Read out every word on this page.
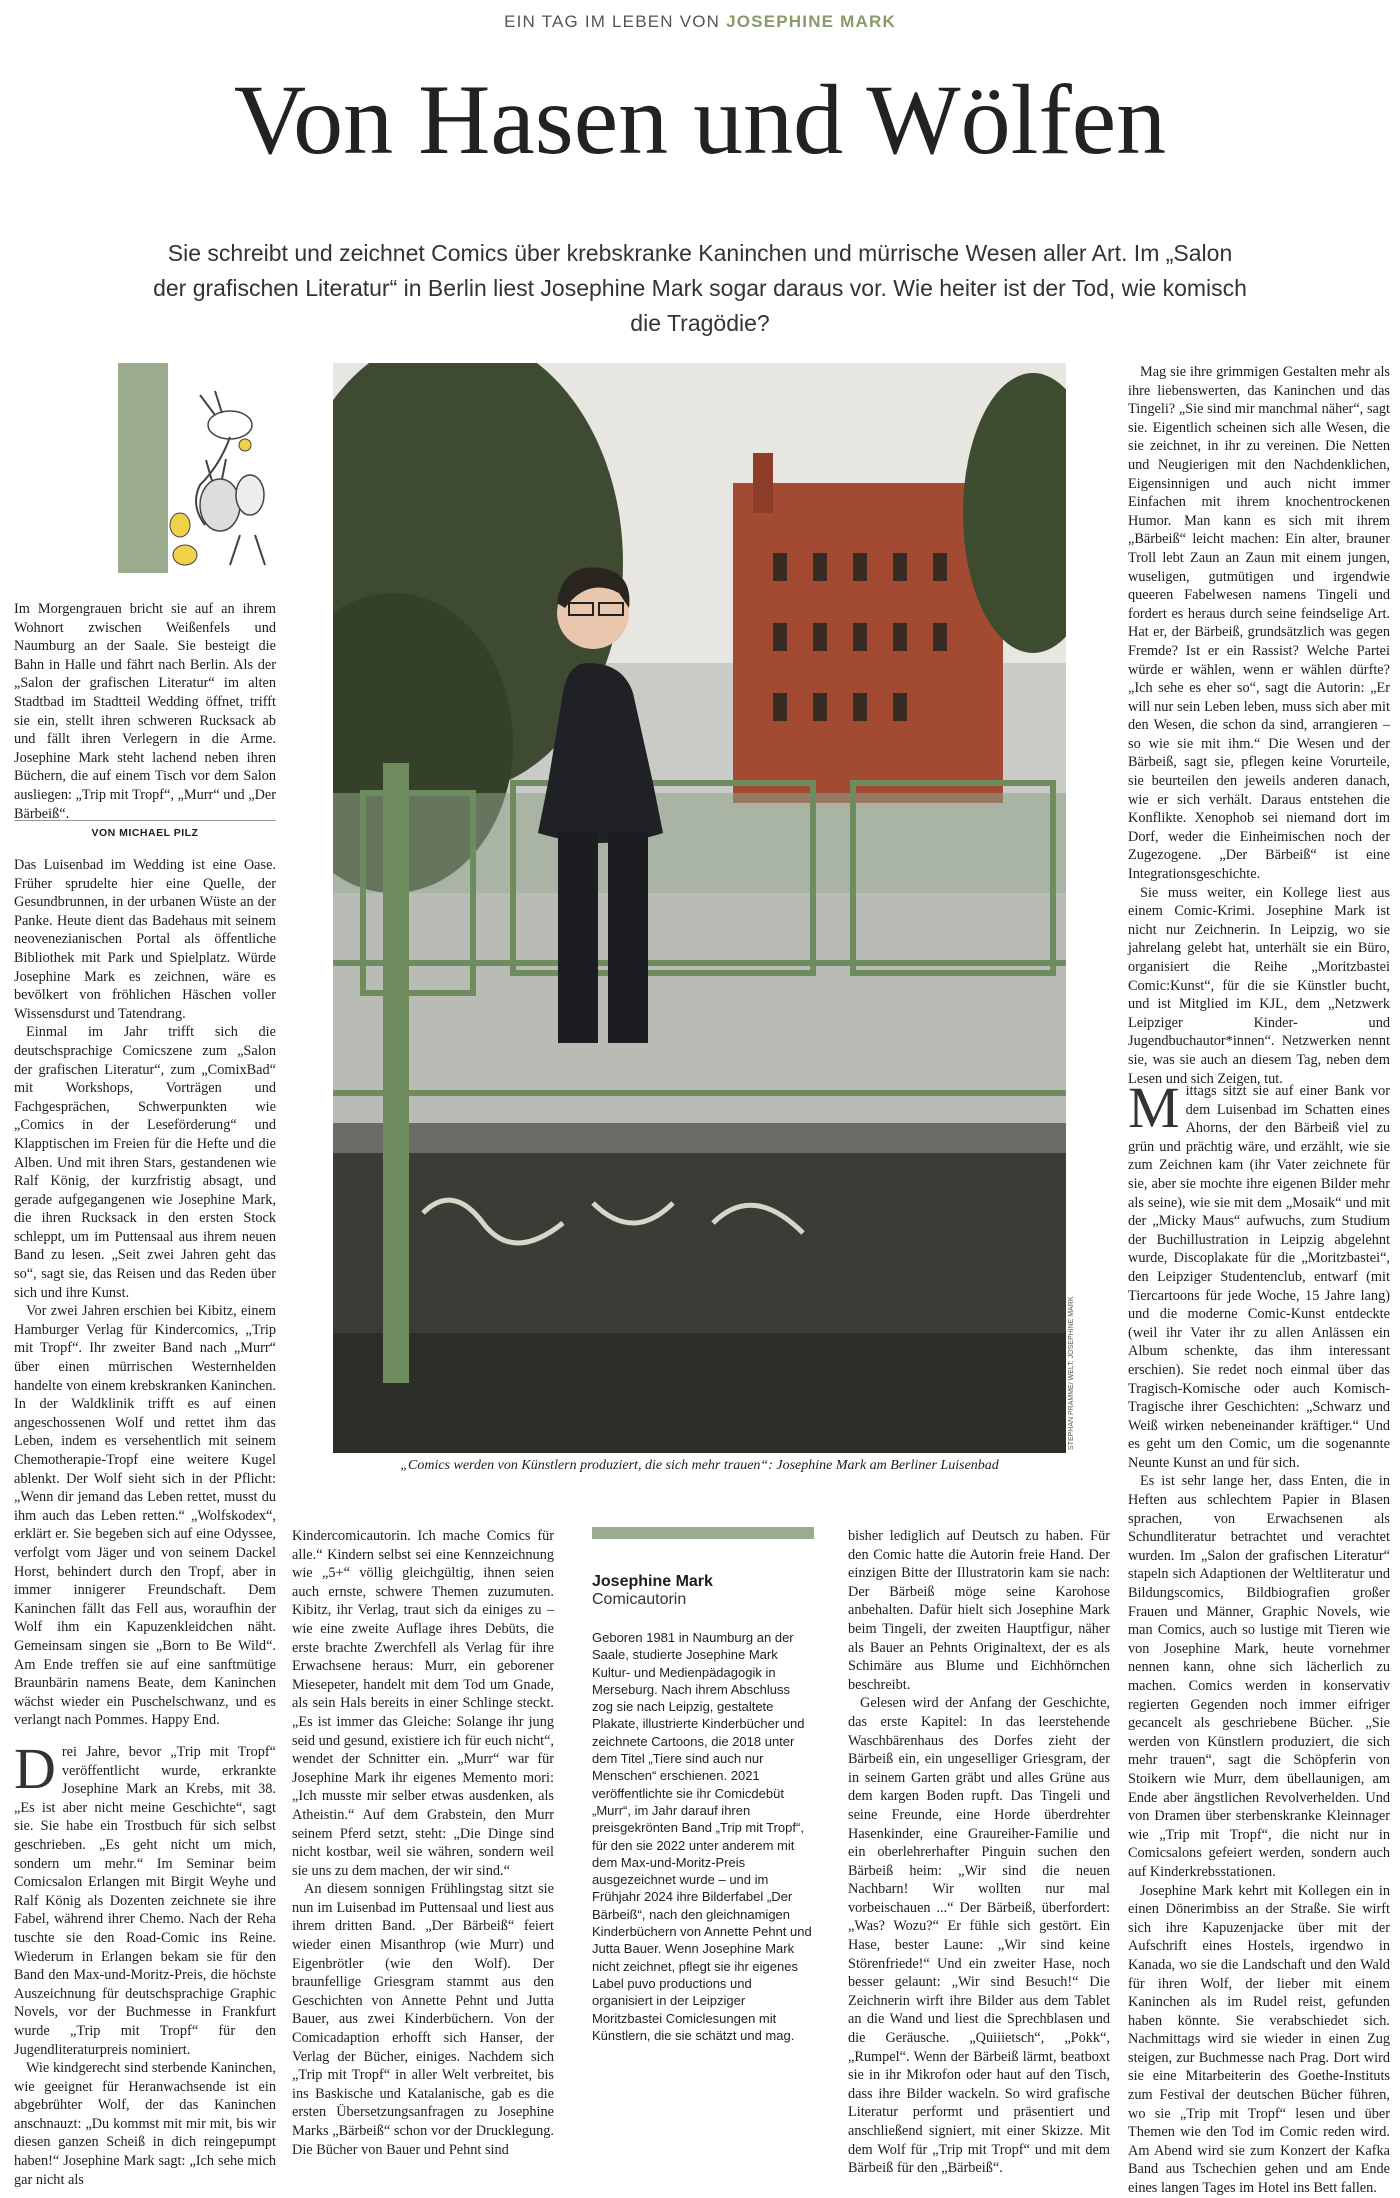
EIN TAG IM LEBEN VON JOSEPHINE MARK
Von Hasen und Wölfen
Sie schreibt und zeichnet Comics über krebskranke Kaninchen und mürrische Wesen aller Art. Im „Salon der grafischen Literatur“ in Berlin liest Josephine Mark sogar daraus vor. Wie heiter ist der Tod, wie komisch die Tragödie?
Im Morgengrauen bricht sie auf an ihrem Wohnort zwischen Weißenfels und Naumburg an der Saale. Sie besteigt die Bahn in Halle und fährt nach Berlin. Als der „Salon der grafischen Literatur“ im alten Stadtbad im Stadtteil Wedding öffnet, trifft sie ein, stellt ihren schweren Rucksack ab und fällt ihren Verlegern in die Arme. Josephine Mark steht lachend neben ihren Büchern, die auf einem Tisch vor dem Salon ausliegen: „Trip mit Tropf“, „Murr“ und „Der Bärbeiß“.
VON MICHAEL PILZ

Das Luisenbad im Wedding ist eine Oase. Früher sprudelte hier eine Quelle, der Gesundbrunnen, in der urbanen Wüste an der Panke. Heute dient das Badehaus mit seinem neovenezianischen Portal als öffentliche Bibliothek mit Park und Spielplatz. Würde Josephine Mark es zeichnen, wäre es bevölkert von fröhlichen Häschen voller Wissensdurst und Tatendrang.

Einmal im Jahr trifft sich die deutschsprachige Comicszene zum „Salon der grafischen Literatur“, zum „ComixBad“ mit Workshops, Vorträgen und Fachgesprächen, Schwerpunkten wie „Comics in der Leseförderung“ und Klapptischen im Freien für die Hefte und die Alben. Und mit ihren Stars, gestandenen wie Ralf König, der kurzfristig absagt, und gerade aufgegangenen wie Josephine Mark, die ihren Rucksack in den ersten Stock schleppt, um im Puttensaal aus ihrem neuen Band zu lesen. „Seit zwei Jahren geht das so“, sagt sie, das Reisen und das Reden über sich und ihre Kunst.

Vor zwei Jahren erschien bei Kibitz, einem Hamburger Verlag für Kindercomics, „Trip mit Tropf“. Ihr zweiter Band nach „Murr“ über einen mürrischen Westernhelden handelte von einem krebskranken Kaninchen. In der Waldklinik trifft es auf einen angeschossenen Wolf und rettet ihm das Leben, indem es versehentlich mit seinem Chemotherapie-Tropf eine weitere Kugel ablenkt. Der Wolf sieht sich in der Pflicht: „Wenn dir jemand das Leben rettet, musst du ihm auch das Leben retten.“ „Wolfskodex“, erklärt er. Sie begeben sich auf eine Odyssee, verfolgt vom Jäger und von seinem Dackel Horst, behindert durch den Tropf, aber in immer innigerer Freundschaft. Dem Kaninchen fällt das Fell aus, woraufhin der Wolf ihm ein Kapuzenkleidchen näht. Gemeinsam singen sie „Born to Be Wild“. Am Ende treffen sie auf eine sanftmütige Braunbärin namens Beate, dem Kaninchen wächst wieder ein Puschelschwanz, und es verlangt nach Pommes. Happy End.

Drei Jahre, bevor „Trip mit Tropf“ veröffentlicht wurde, erkrankte Josephine Mark an Krebs, mit 38. „Es ist aber nicht meine Geschichte“, sagt sie. Sie habe ein Trostbuch für sich selbst geschrieben. „Es geht nicht um mich, sondern um mehr.“ Im Seminar beim Comicsalon Erlangen mit Birgit Weyhe und Ralf König als Dozenten zeichnete sie ihre Fabel, während ihrer Chemo. Nach der Reha tuschte sie den Road-Comic ins Reine. Wiederum in Erlangen bekam sie für den Band den Max-und-Moritz-Preis, die höchste Auszeichnung für deutschsprachige Graphic Novels, vor der Buchmesse in Frankfurt wurde „Trip mit Tropf“ für den Jugendliteraturpreis nominiert.

Wie kindgerecht sind sterbende Kaninchen, wie geeignet für Heranwachsende ist ein abgebrühter Wolf, der das Kaninchen anschnauzt: „Du kommst mit mir mit, bis wir diesen ganzen Scheiß in dich reingepumpt haben!“ Josephine Mark sagt: „Ich sehe mich gar nicht als

STEPHAN PRAMME/ WELT; JOSEPHINE MARK
„Comics werden von Künstlern produziert, die sich mehr trauen“: Josephine Mark am Berliner Luisenbad

Kindercomicautorin. Ich mache Comics für alle.“ Kindern selbst sei eine Kennzeichnung wie „5+“ völlig gleichgültig, ihnen seien auch ernste, schwere Themen zuzumuten. Kibitz, ihr Verlag, traut sich da einiges zu – wie eine zweite Auflage ihres Debüts, die erste brachte Zwerchfell als Verlag für ihre Erwachsene heraus: Murr, ein geborener Miesepeter, handelt mit dem Tod um Gnade, als sein Hals bereits in einer Schlinge steckt. „Es ist immer das Gleiche: Solange ihr jung seid und gesund, existiere ich für euch nicht“, wendet der Schnitter ein. „Murr“ war für Josephine Mark ihr eigenes Memento mori: „Ich musste mir selber etwas ausdenken, als Atheistin.“ Auf dem Grabstein, den Murr seinem Pferd setzt, steht: „Die Dinge sind nicht kostbar, weil sie währen, sondern weil sie uns zu dem machen, der wir sind.“

An diesem sonnigen Frühlingstag sitzt sie nun im Luisenbad im Puttensaal und liest aus ihrem dritten Band. „Der Bärbeiß“ feiert wieder einen Misanthrop (wie Murr) und Eigenbrötler (wie den Wolf). Der braunfellige Griesgram stammt aus den Geschichten von Annette Pehnt und Jutta Bauer, aus zwei Kinderbüchern. Von der Comicadaption erhofft sich Hanser, der Verlag der Bücher, einiges. Nachdem sich „Trip mit Tropf“ in aller Welt verbreitet, bis ins Baskische und Katalanische, gab es die ersten Übersetzungsanfragen zu Josephine Marks „Bärbeiß“ schon vor der Drucklegung. Die Bücher von Bauer und Pehnt sind

Josephine Mark
Comicautorin
Geboren 1981 in Naumburg an der Saale, studierte Josephine Mark Kultur- und Medienpädagogik in Merseburg. Nach ihrem Abschluss zog sie nach Leipzig, gestaltete Plakate, illustrierte Kinderbücher und zeichnete Cartoons, die 2018 unter dem Titel „Tiere sind auch nur Menschen“ erschienen. 2021 veröffentlichte sie ihr Comicdebüt „Murr“, im Jahr darauf ihren preisgekrönten Band „Trip mit Tropf“, für den sie 2022 unter anderem mit dem Max-und-Moritz-Preis ausgezeichnet wurde – und im Frühjahr 2024 ihre Bilderfabel „Der Bärbeiß“, nach den gleichnamigen Kinderbüchern von Annette Pehnt und Jutta Bauer. Wenn Josephine Mark nicht zeichnet, pflegt sie ihr eigenes Label puvo productions und organisiert in der Leipziger Moritzbastei Comiclesungen mit Künstlern, die sie schätzt und mag.

bisher lediglich auf Deutsch zu haben. Für den Comic hatte die Autorin freie Hand. Der einzigen Bitte der Illustratorin kam sie nach: Der Bärbeiß möge seine Karohose anbehalten. Dafür hielt sich Josephine Mark beim Tingeli, der zweiten Hauptfigur, näher als Bauer an Pehnts Originaltext, der es als Schimäre aus Blume und Eichhörnchen beschreibt.

Gelesen wird der Anfang der Geschichte, das erste Kapitel: In das leerstehende Waschbärenhaus des Dorfes zieht der Bärbeiß ein, ein ungeselliger Griesgram, der in seinem Garten gräbt und alles Grüne aus dem kargen Boden rupft. Das Tingeli und seine Freunde, eine Horde überdrehter Hasenkinder, eine Graureiher-Familie und ein oberlehrerhafter Pinguin suchen den Bärbeiß heim: „Wir sind die neuen Nachbarn! Wir wollten nur mal vorbeischauen ...“ Der Bärbeiß, überfordert: „Was? Wozu?“ Er fühle sich gestört. Ein Hase, bester Laune: „Wir sind keine Störenfriede!“ Und ein zweiter Hase, noch besser gelaunt: „Wir sind Besuch!“ Die Zeichnerin wirft ihre Bilder aus dem Tablet an die Wand und liest die Sprechblasen und die Geräusche. „Quiiietsch“, „Pokk“, „Rumpel“. Wenn der Bärbeiß lärmt, beatboxt sie in ihr Mikrofon oder haut auf den Tisch, dass ihre Bilder wackeln. So wird grafische Literatur performt und präsentiert und anschließend signiert, mit einer Skizze. Mit dem Wolf für „Trip mit Tropf“ und mit dem Bärbeiß für den „Bärbeiß“.

Mag sie ihre grimmigen Gestalten mehr als ihre liebenswerten, das Kaninchen und das Tingeli? „Sie sind mir manchmal näher“, sagt sie. Eigentlich scheinen sich alle Wesen, die sie zeichnet, in ihr zu vereinen. Die Netten und Neugierigen mit den Nachdenklichen, Eigensinnigen und auch nicht immer Einfachen mit ihrem knochentrockenen Humor. Man kann es sich mit ihrem „Bärbeiß“ leicht machen: Ein alter, brauner Troll lebt Zaun an Zaun mit einem jungen, wuseligen, gutmütigen und irgendwie queeren Fabelwesen namens Tingeli und fordert es heraus durch seine feindselige Art. Hat er, der Bärbeiß, grundsätzlich was gegen Fremde? Ist er ein Rassist? Welche Partei würde er wählen, wenn er wählen dürfte? „Ich sehe es eher so“, sagt die Autorin: „Er will nur sein Leben leben, muss sich aber mit den Wesen, die schon da sind, arrangieren – so wie sie mit ihm.“ Die Wesen und der Bärbeiß, sagt sie, pflegen keine Vorurteile, sie beurteilen den jeweils anderen danach, wie er sich verhält. Daraus entstehen die Konflikte. Xenophob sei niemand dort im Dorf, weder die Einheimischen noch der Zugezogene. „Der Bärbeiß“ ist eine Integrationsgeschichte.

Sie muss weiter, ein Kollege liest aus einem Comic-Krimi. Josephine Mark ist nicht nur Zeichnerin. In Leipzig, wo sie jahrelang gelebt hat, unterhält sie ein Büro, organisiert die Reihe „Moritzbastei Comic:Kunst“, für die sie Künstler bucht, und ist Mitglied im KJL, dem „Netzwerk Leipziger Kinder- und Jugendbuchautor*innen“. Netzwerken nennt sie, was sie auch an diesem Tag, neben dem Lesen und sich Zeigen, tut.

Mittags sitzt sie auf einer Bank vor dem Luisenbad im Schatten eines Ahorns, der den Bärbeiß viel zu grün und prächtig wäre, und erzählt, wie sie zum Zeichnen kam (ihr Vater zeichnete für sie, aber sie mochte ihre eigenen Bilder mehr als seine), wie sie mit dem „Mosaik“ und mit der „Micky Maus“ aufwuchs, zum Studium der Buchillustration in Leipzig abgelehnt wurde, Discoplakate für die „Moritzbastei“, den Leipziger Studentenclub, entwarf (mit Tiercartoons für jede Woche, 15 Jahre lang) und die moderne Comic-Kunst entdeckte (weil ihr Vater ihr zu allen Anlässen ein Album schenkte, das ihm interessant erschien). Sie redet noch einmal über das Tragisch-Komische oder auch Komisch-Tragische ihrer Geschichten: „Schwarz und Weiß wirken nebeneinander kräftiger.“ Und es geht um den Comic, um die sogenannte Neunte Kunst an und für sich.

Es ist sehr lange her, dass Enten, die in Heften aus schlechtem Papier in Blasen sprachen, von Erwachsenen als Schundliteratur betrachtet und verachtet wurden. Im „Salon der grafischen Literatur“ stapeln sich Adaptionen der Weltliteratur und Bildungscomics, Bildbiografien großer Frauen und Männer, Graphic Novels, wie man Comics, auch so lustige mit Tieren wie von Josephine Mark, heute vornehmer nennen kann, ohne sich lächerlich zu machen. Comics werden in konservativ regierten Gegenden noch immer eifriger gecancelt als geschriebene Bücher. „Sie werden von Künstlern produziert, die sich mehr trauen“, sagt die Schöpferin von Stoikern wie Murr, dem übellaunigen, am Ende aber ängstlichen Revolverhelden. Und von Dramen über sterbenskranke Kleinnager wie „Trip mit Tropf“, die nicht nur in Comicsalons gefeiert werden, sondern auch auf Kinderkrebsstationen.

Josephine Mark kehrt mit Kollegen ein in einen Dönerimbiss an der Straße. Sie wirft sich ihre Kapuzenjacke über mit der Aufschrift eines Hostels, irgendwo in Kanada, wo sie die Landschaft und den Wald für ihren Wolf, der lieber mit einem Kaninchen als im Rudel reist, gefunden haben könnte. Sie verabschiedet sich. Nachmittags wird sie wieder in einen Zug steigen, zur Buchmesse nach Prag. Dort wird sie eine Mitarbeiterin des Goethe-Instituts zum Festival der deutschen Bücher führen, wo sie „Trip mit Tropf“ lesen und über Themen wie den Tod im Comic reden wird. Am Abend wird sie zum Konzert der Kafka Band aus Tschechien gehen und am Ende eines langen Tages im Hotel ins Bett fallen.
